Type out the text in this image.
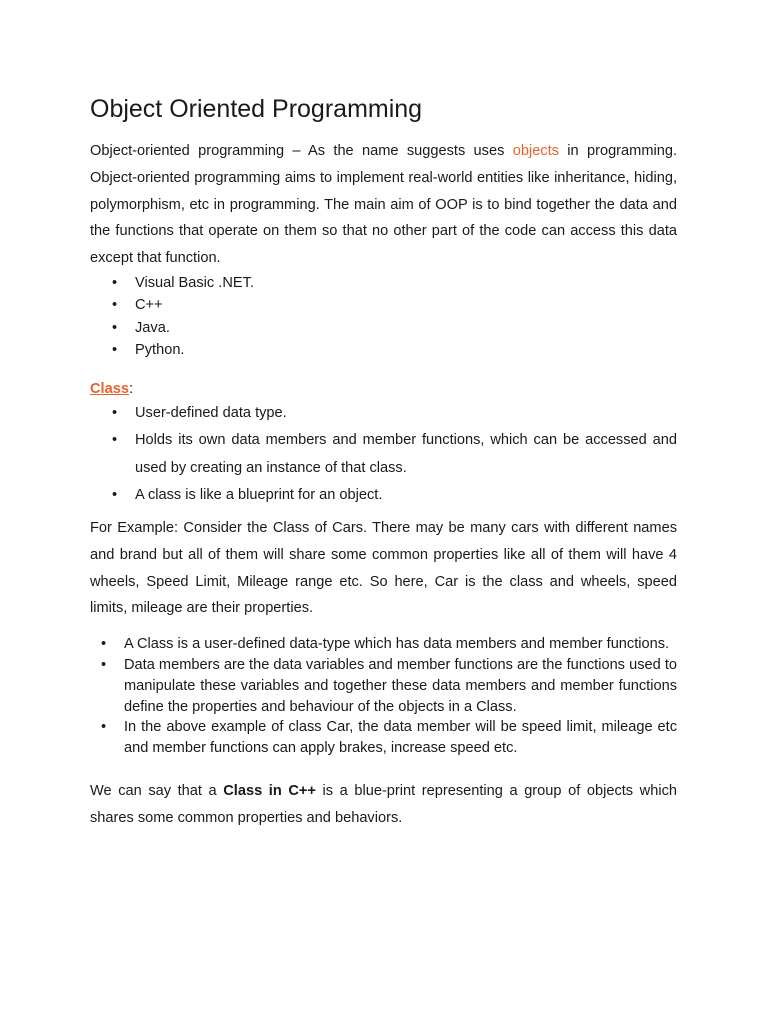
Object Oriented Programming

Object-oriented programming – As the name suggests uses objects in programming. Object-oriented programming aims to implement real-world entities like inheritance, hiding, polymorphism, etc in programming. The main aim of OOP is to bind together the data and the functions that operate on them so that no other part of the code can access this data except that function.

• Visual Basic .NET.
• C++
• Java.
• Python.
Class:
• User-defined data type.
• Holds its own data members and member functions, which can be accessed and used by creating an instance of that class.
• A class is like a blueprint for an object.

For Example: Consider the Class of Cars. There may be many cars with different names and brand but all of them will share some common properties like all of them will have 4 wheels, Speed Limit, Mileage range etc. So here, Car is the class and wheels, speed limits, mileage are their properties.

• A Class is a user-defined data-type which has data members and member functions.
• Data members are the data variables and member functions are the functions used to manipulate these variables and together these data members and member functions define the properties and behaviour of the objects in a Class.
• In the above example of class Car, the data member will be speed limit, mileage etc and member functions can apply brakes, increase speed etc.

We can say that a Class in C++ is a blue-print representing a group of objects which shares some common properties and behaviors.
